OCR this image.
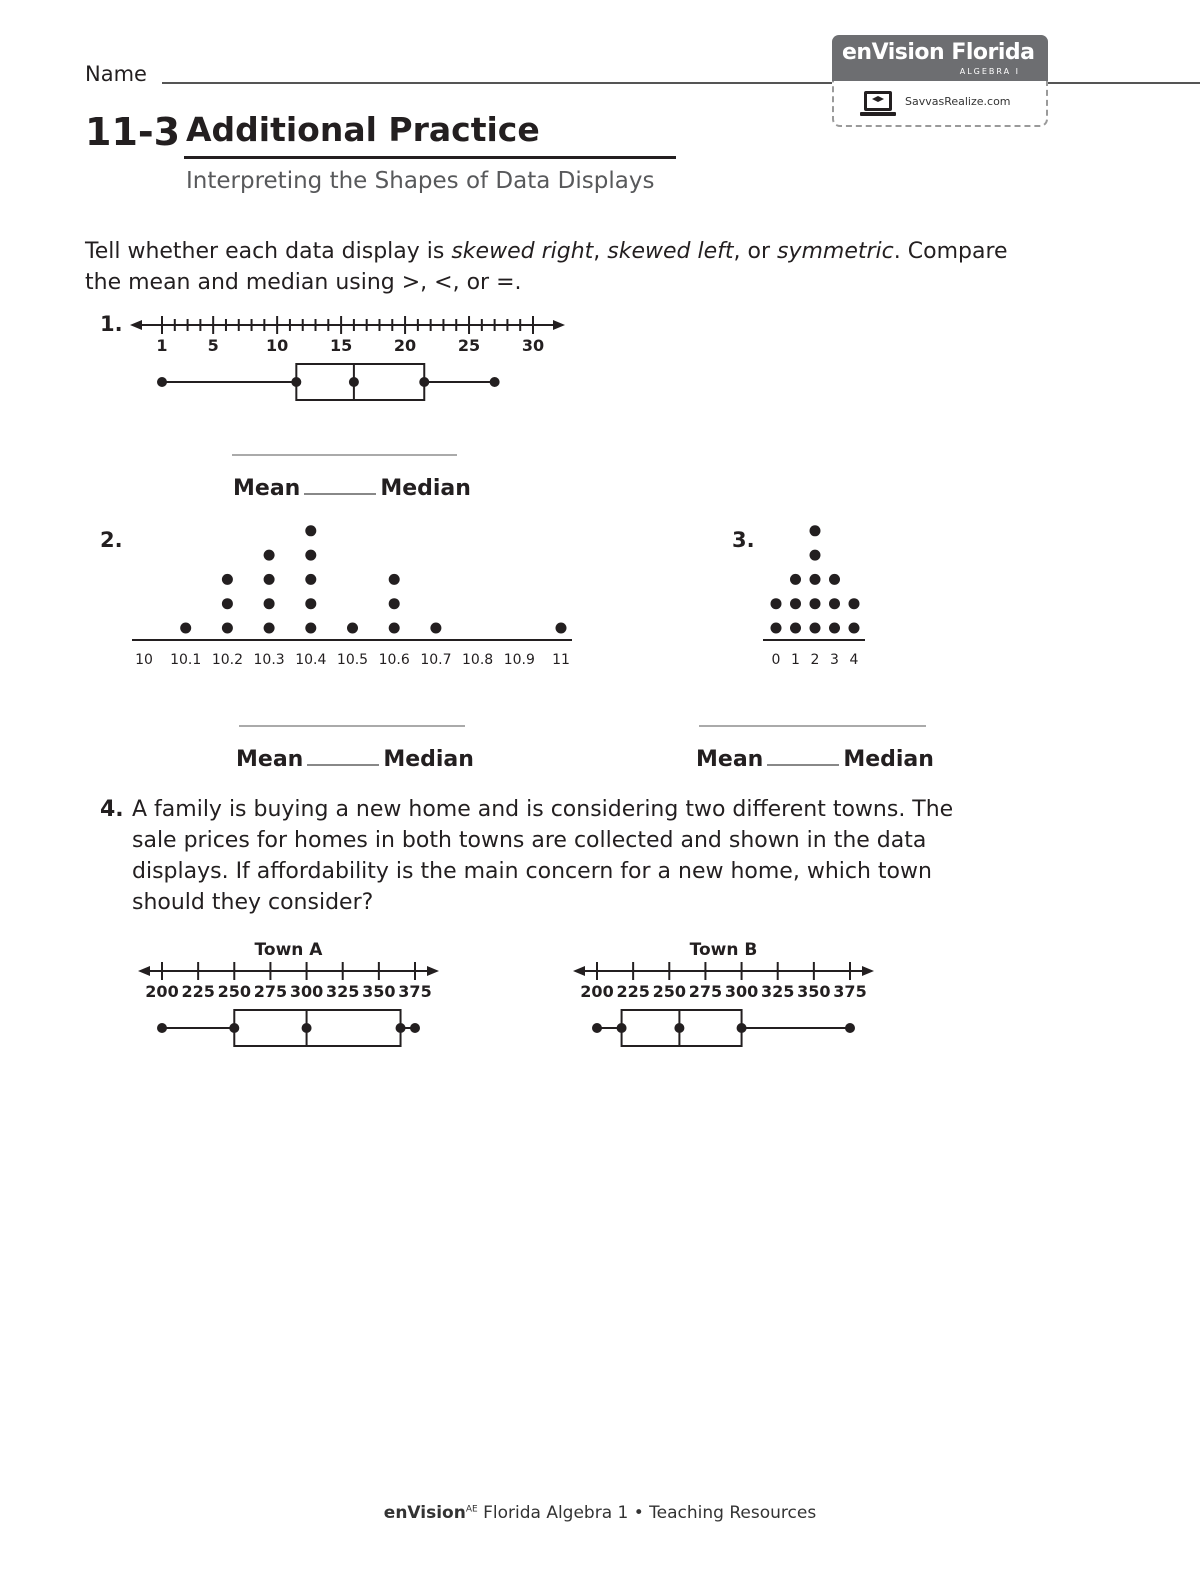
Name
enVision Florida
ALGEBRA I
SavvasRealize.com
11-3 Additional Practice
Interpreting the Shapes of Data Displays
Tell whether each data display is skewed right, skewed left, or symmetric. Compare the mean and median using >, <, or =.
1.
1	5	10	15	20	25	30
Mean	Median
2.
10 10.1 10.2 10.3 10.4 10.5 10.6 10.7 10.8 10.9 11
Mean	Median
3.
0 1 2 3 4
Mean	Median
4. A family is buying a new home and is considering two different towns. The sale prices for homes in both towns are collected and shown in the data displays. If affordability is the main concern for a new home, which town should they consider?
Town A
200 225 250 275 300 325 350 375
Town B
200 225 250 275 300 325 350 375
enVision$^{AE}$ Florida Algebra 1 • Teaching Resources
